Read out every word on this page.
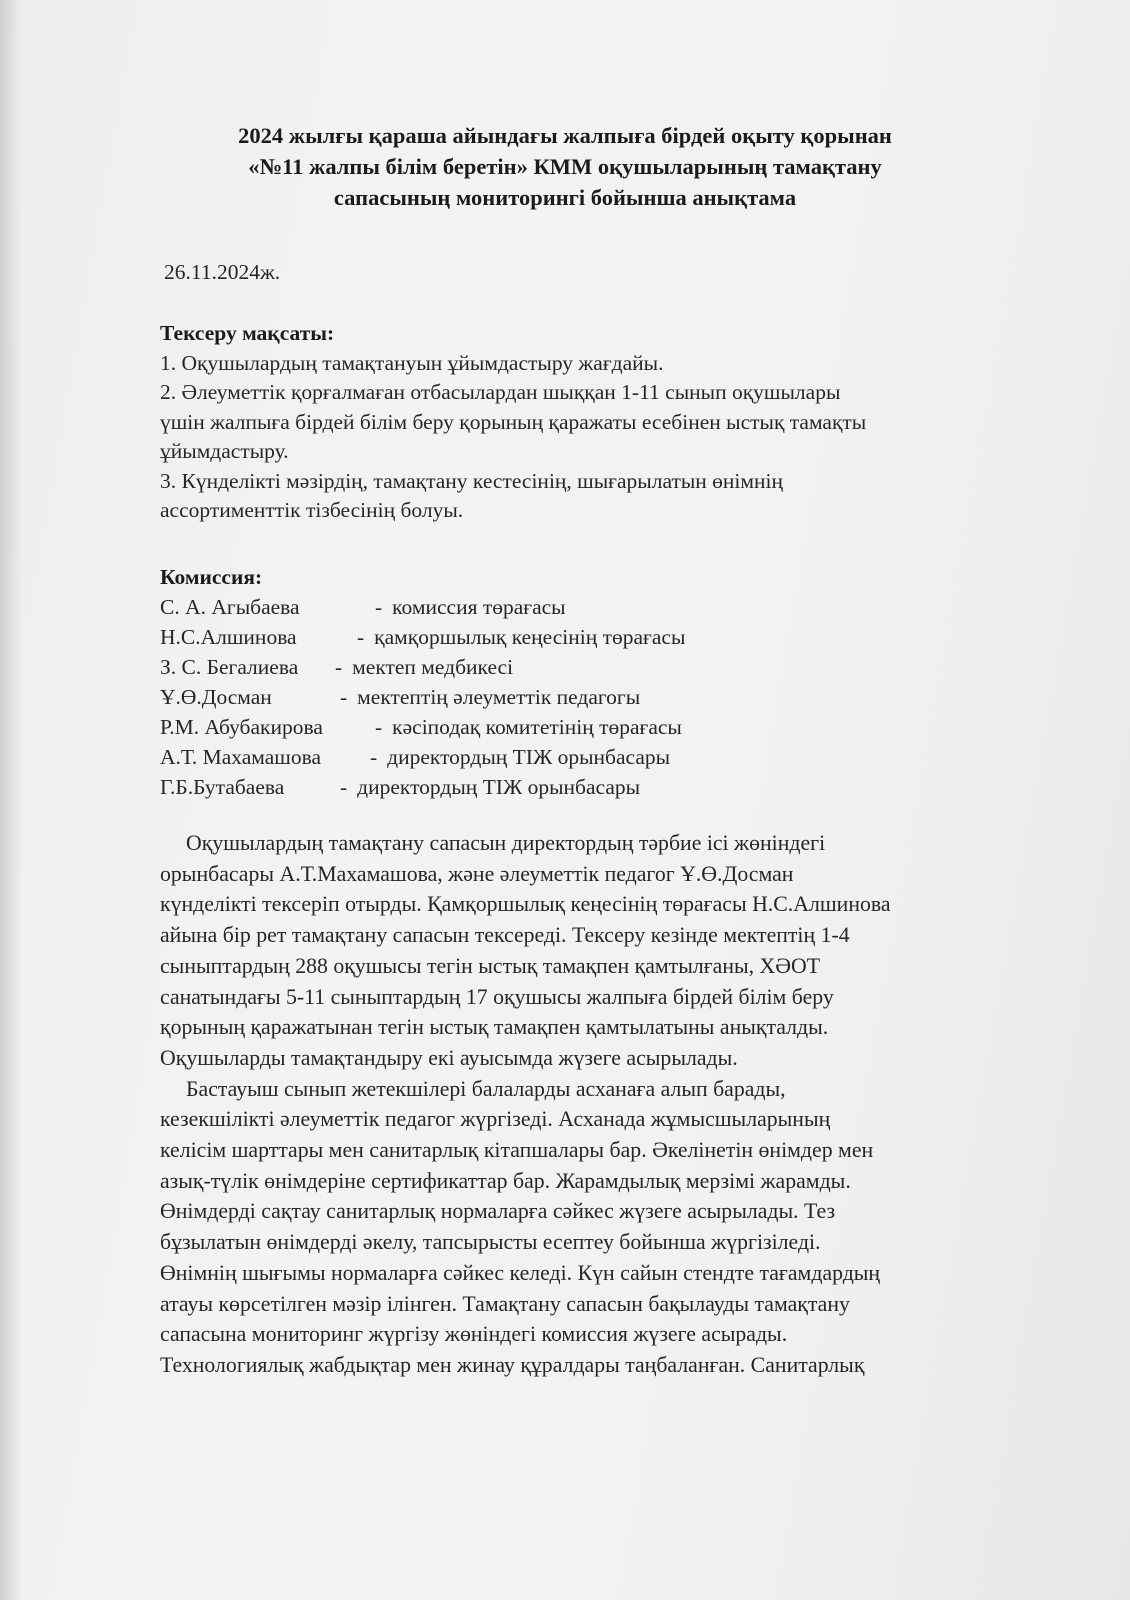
2024 жылғы қараша айындағы жалпыға бірдей оқыту қорынан
«№11 жалпы білім беретін» КММ оқушыларының тамақтану
сапасының мониторингі бойынша анықтама
26.11.2024ж.
Тексеру мақсаты:
1. Оқушылардың тамақтануын ұйымдастыру жағдайы.
2. Әлеуметтік қорғалмаған отбасылардан шыққан 1-11 сынып оқушылары
үшін жалпыға бірдей білім беру қорының қаражаты есебінен ыстық тамақты
ұйымдастыру.
3. Күнделікті мәзірдің, тамақтану кестесінің, шығарылатын өнімнің
ассортименттік тізбесінің болуы.
Комиссия:
С. А. Агыбаева	- комиссия төрағасы
Н.С.Алшинова	- қамқоршылық кеңесінің төрағасы
З. С. Бегалиева - мектеп медбикесі
Ұ.Ө.Досман	- мектептің әлеуметтік педагогы
Р.М. Абубакирова - кәсіподақ комитетінің төрағасы
А.Т. Махамашова - директордың ТІЖ орынбасары
Г.Б.Бутабаева	- директордың ТІЖ орынбасары
Оқушылардың тамақтану сапасын директордың тәрбие ісі жөніндегі
орынбасары А.Т.Махамашова, және әлеуметтік педагог Ұ.Ө.Досман
күнделікті тексеріп отырды. Қамқоршылық кеңесінің төрағасы Н.С.Алшинова
айына бір рет тамақтану сапасын тексереді. Тексеру кезінде мектептің 1-4
сыныптардың 288 оқушысы тегін ыстық тамақпен қамтылғаны, ХӘОТ
санатындағы 5-11 сыныптардың 17 оқушысы жалпыға бірдей білім беру
қорының қаражатынан тегін ыстық тамақпен қамтылатыны анықталды.
Оқушыларды тамақтандыру екі ауысымда жүзеге асырылады.
Бастауыш сынып жетекшілері балаларды асханаға алып барады,
кезекшілікті әлеуметтік педагог жүргізеді. Асханада жұмысшыларының
келісім шарттары мен санитарлық кітапшалары бар. Әкелінетін өнімдер мен
азық-түлік өнімдеріне сертификаттар бар. Жарамдылық мерзімі жарамды.
Өнімдерді сақтау санитарлық нормаларға сәйкес жүзеге асырылады. Тез
бұзылатын өнімдерді әкелу, тапсырысты есептеу бойынша жүргізіледі.
Өнімнің шығымы нормаларға сәйкес келеді. Күн сайын стендте тағамдардың
атауы көрсетілген мәзір ілінген. Тамақтану сапасын бақылауды тамақтану
сапасына мониторинг жүргізу жөніндегі комиссия жүзеге асырады.
Технологиялық жабдықтар мен жинау құралдары таңбаланған. Санитарлық
